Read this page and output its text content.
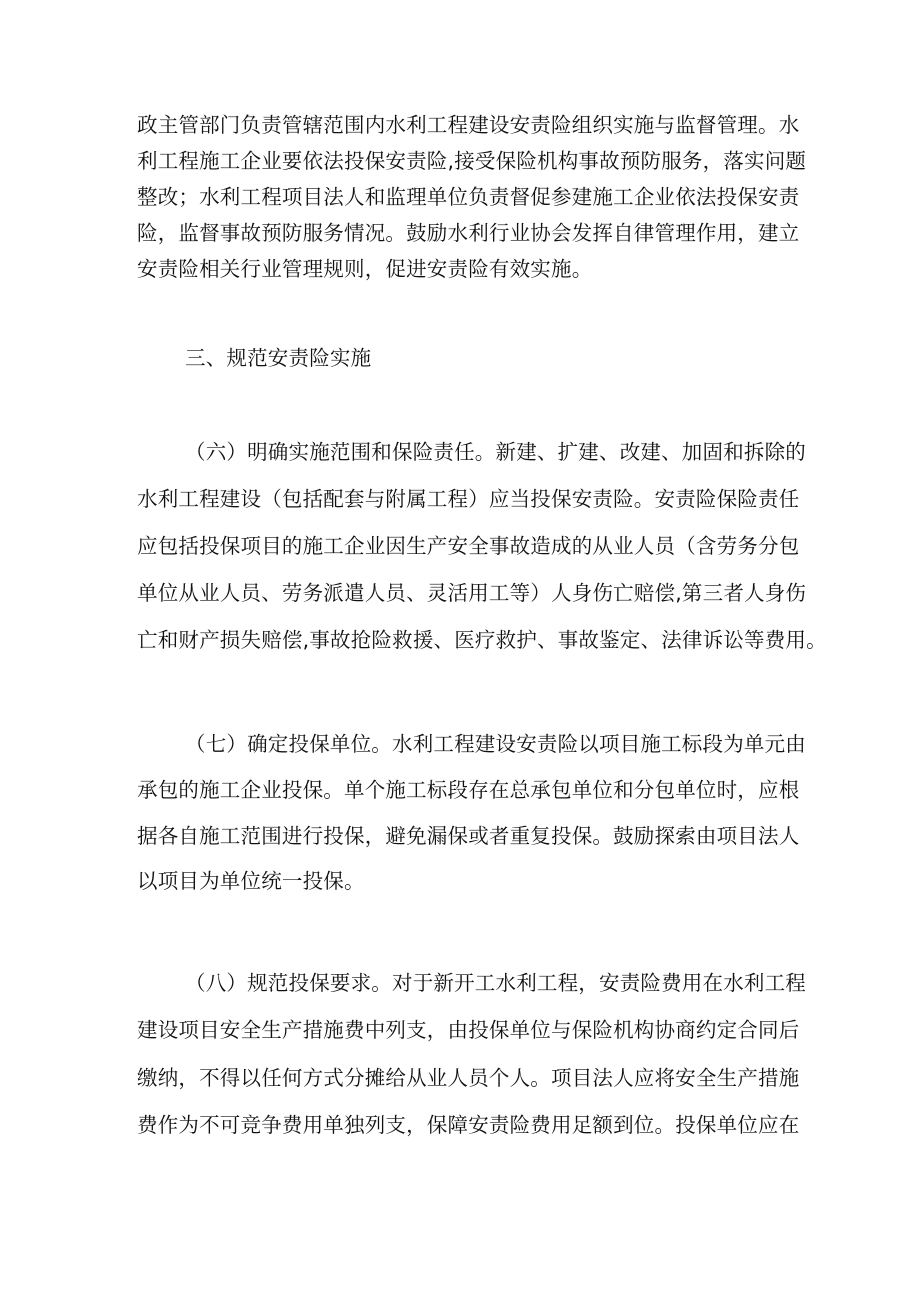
政主管部门负责管辖范围内水利工程建设安责险组织实施与监督管理。水
利工程施工企业要依法投保安责险,接受保险机构事故预防服务，落实问题
整改；水利工程项目法人和监理单位负责督促参建施工企业依法投保安责
险，监督事故预防服务情况。鼓励水利行业协会发挥自律管理作用，建立
安责险相关行业管理规则，促进安责险有效实施。
三、规范安责险实施
（六）明确实施范围和保险责任。新建、扩建、改建、加固和拆除的
水利工程建设（包括配套与附属工程）应当投保安责险。安责险保险责任
应包括投保项目的施工企业因生产安全事故造成的从业人员（含劳务分包
单位从业人员、劳务派遣人员、灵活用工等）人身伤亡赔偿,第三者人身伤
亡和财产损失赔偿,事故抢险救援、医疗救护、事故鉴定、法律诉讼等费用。
（七）确定投保单位。水利工程建设安责险以项目施工标段为单元由
承包的施工企业投保。单个施工标段存在总承包单位和分包单位时，应根
据各自施工范围进行投保，避免漏保或者重复投保。鼓励探索由项目法人
以项目为单位统一投保。
（八）规范投保要求。对于新开工水利工程，安责险费用在水利工程
建设项目安全生产措施费中列支，由投保单位与保险机构协商约定合同后
缴纳，不得以任何方式分摊给从业人员个人。项目法人应将安全生产措施
费作为不可竞争费用单独列支，保障安责险费用足额到位。投保单位应在
